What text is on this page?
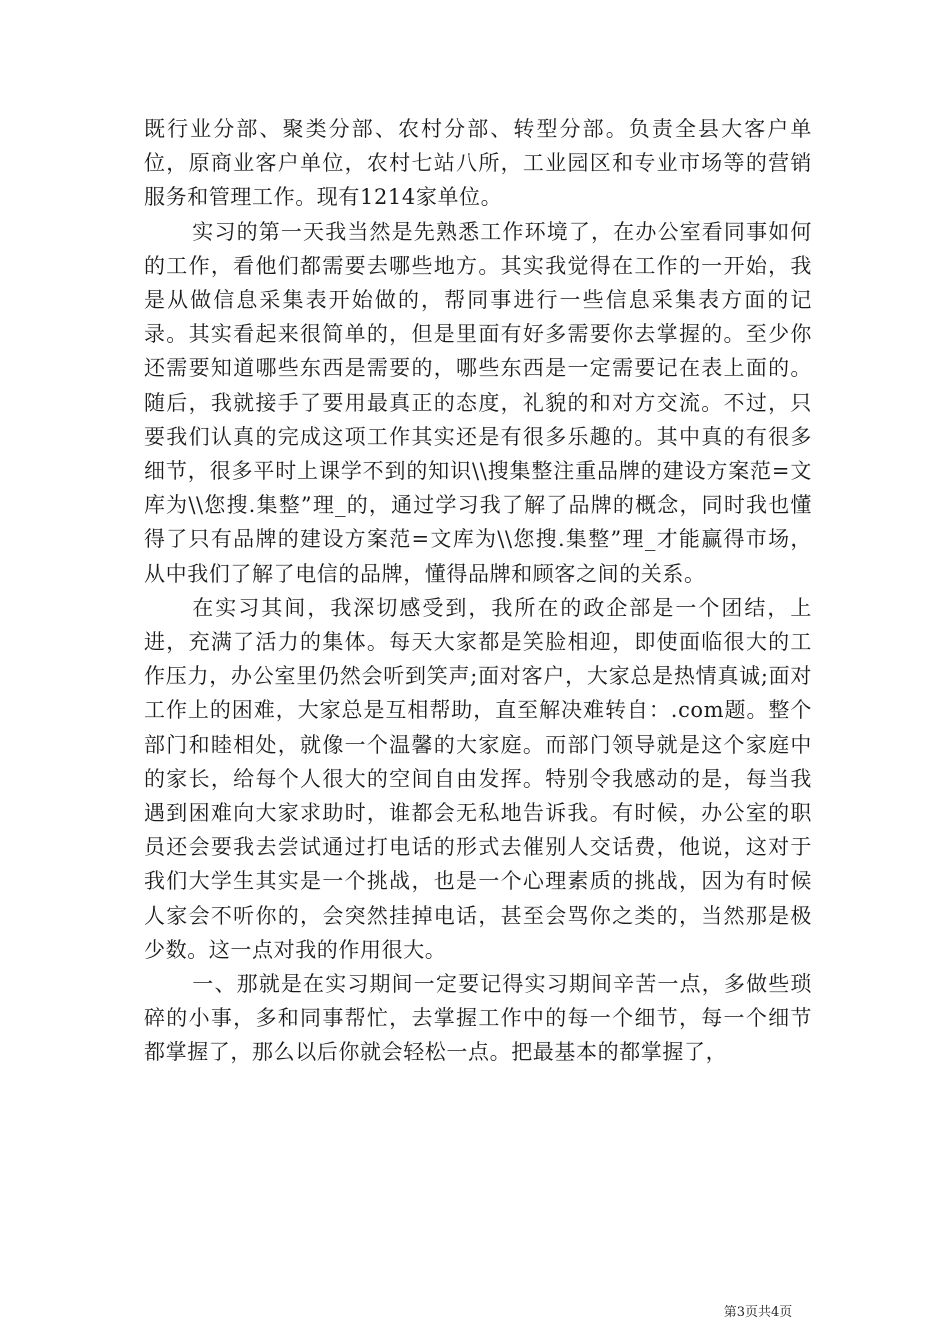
既行业分部、聚类分部、农村分部、转型分部。负责全县大客户单位，原商业客户单位，农村七站八所，工业园区和专业市场等的营销服务和管理工作。现有1214家单位。

实习的第一天我当然是先熟悉工作环境了，在办公室看同事如何的工作，看他们都需要去哪些地方。其实我觉得在工作的一开始，我是从做信息采集表开始做的，帮同事进行一些信息采集表方面的记录。其实看起来很简单的，但是里面有好多需要你去掌握的。至少你还需要知道哪些东西是需要的，哪些东西是一定需要记在表上面的。随后，我就接手了要用最真正的态度，礼貌的和对方交流。不过，只要我们认真的完成这项工作其实还是有很多乐趣的。其中真的有很多细节，很多平时上课学不到的知识\\搜集整注重品牌的建设方案范=文库为\\您搜.集整”理_的，通过学习我了解了品牌的概念，同时我也懂得了只有品牌的建设方案范=文库为\\您搜.集整”理_才能赢得市场，从中我们了解了电信的品牌，懂得品牌和顾客之间的关系。

在实习其间，我深切感受到，我所在的政企部是一个团结，上进，充满了活力的集体。每天大家都是笑脸相迎，即使面临很大的工作压力，办公室里仍然会听到笑声;面对客户，大家总是热情真诚;面对工作上的困难，大家总是互相帮助，直至解决难转自：.com题。整个部门和睦相处，就像一个温馨的大家庭。而部门领导就是这个家庭中的家长，给每个人很大的空间自由发挥。特别令我感动的是，每当我遇到困难向大家求助时，谁都会无私地告诉我。有时候，办公室的职员还会要我去尝试通过打电话的形式去催别人交话费，他说，这对于我们大学生其实是一个挑战，也是一个心理素质的挑战，因为有时候人家会不听你的，会突然挂掉电话，甚至会骂你之类的，当然那是极少数。这一点对我的作用很大。

一、那就是在实习期间一定要记得实习期间辛苦一点，多做些琐碎的小事，多和同事帮忙，去掌握工作中的每一个细节，每一个细节都掌握了，那么以后你就会轻松一点。把最基本的都掌握了，

第3页共4页
